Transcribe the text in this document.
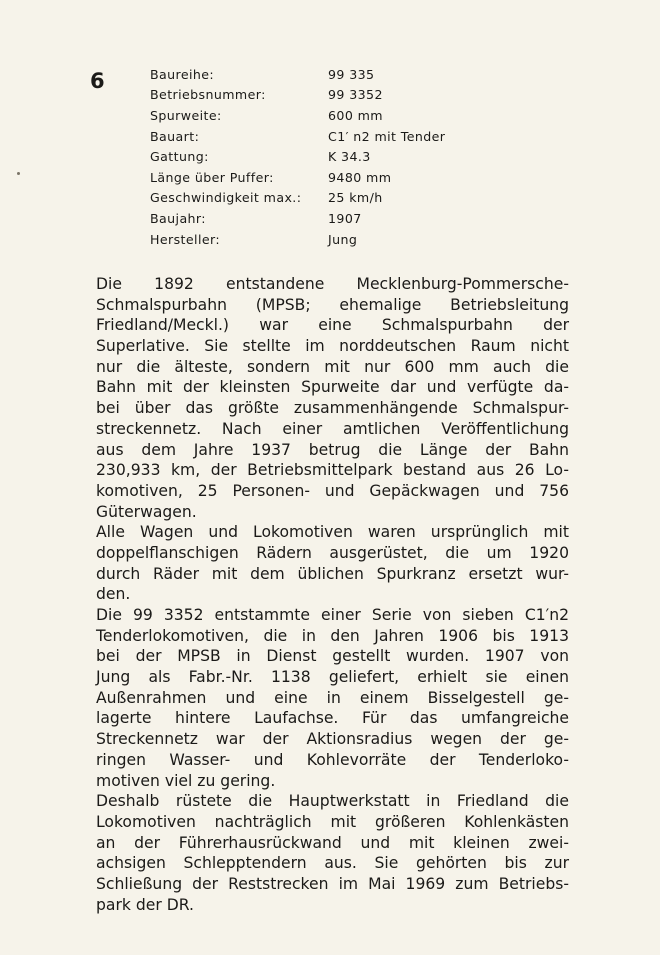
6	Baureihe:	99 335
Betriebsnummer:	99 3352
Spurweite:	600 mm
Bauart:	C1′ n2 mit Tender
Gattung:	K 34.3
Länge über Puffer:	9480 mm
Geschwindigkeit max.:	25 km/h
Baujahr:	1907
Hersteller:	Jung
Die 1892 entstandene Mecklenburg-Pommersche-
Schmalspurbahn (MPSB; ehemalige Betriebsleitung
Friedland/Meckl.) war eine Schmalspurbahn der
Superlative. Sie stellte im norddeutschen Raum nicht
nur die älteste, sondern mit nur 600 mm auch die
Bahn mit der kleinsten Spurweite dar und verfügte da-
bei über das größte zusammenhängende Schmalspur-
streckennetz. Nach einer amtlichen Veröffentlichung
aus dem Jahre 1937 betrug die Länge der Bahn
230,933 km, der Betriebsmittelpark bestand aus 26 Lo-
komotiven, 25 Personen- und Gepäckwagen und 756
Güterwagen.
Alle Wagen und Lokomotiven waren ursprünglich mit
doppelflanschigen Rädern ausgerüstet, die um 1920
durch Räder mit dem üblichen Spurkranz ersetzt wur-
den.
Die 99 3352 entstammte einer Serie von sieben C1′n2
Tenderlokomotiven, die in den Jahren 1906 bis 1913
bei der MPSB in Dienst gestellt wurden. 1907 von
Jung als Fabr.-Nr. 1138 geliefert, erhielt sie einen
Außenrahmen und eine in einem Bisselgestell ge-
lagerte hintere Laufachse. Für das umfangreiche
Streckennetz war der Aktionsradius wegen der ge-
ringen Wasser- und Kohlevorräte der Tenderloko-
motiven viel zu gering.
Deshalb rüstete die Hauptwerkstatt in Friedland die
Lokomotiven nachträglich mit größeren Kohlenkästen
an der Führerhausrückwand und mit kleinen zwei-
achsigen Schlepptendern aus. Sie gehörten bis zur
Schließung der Reststrecken im Mai 1969 zum Betriebs-
park der DR.
